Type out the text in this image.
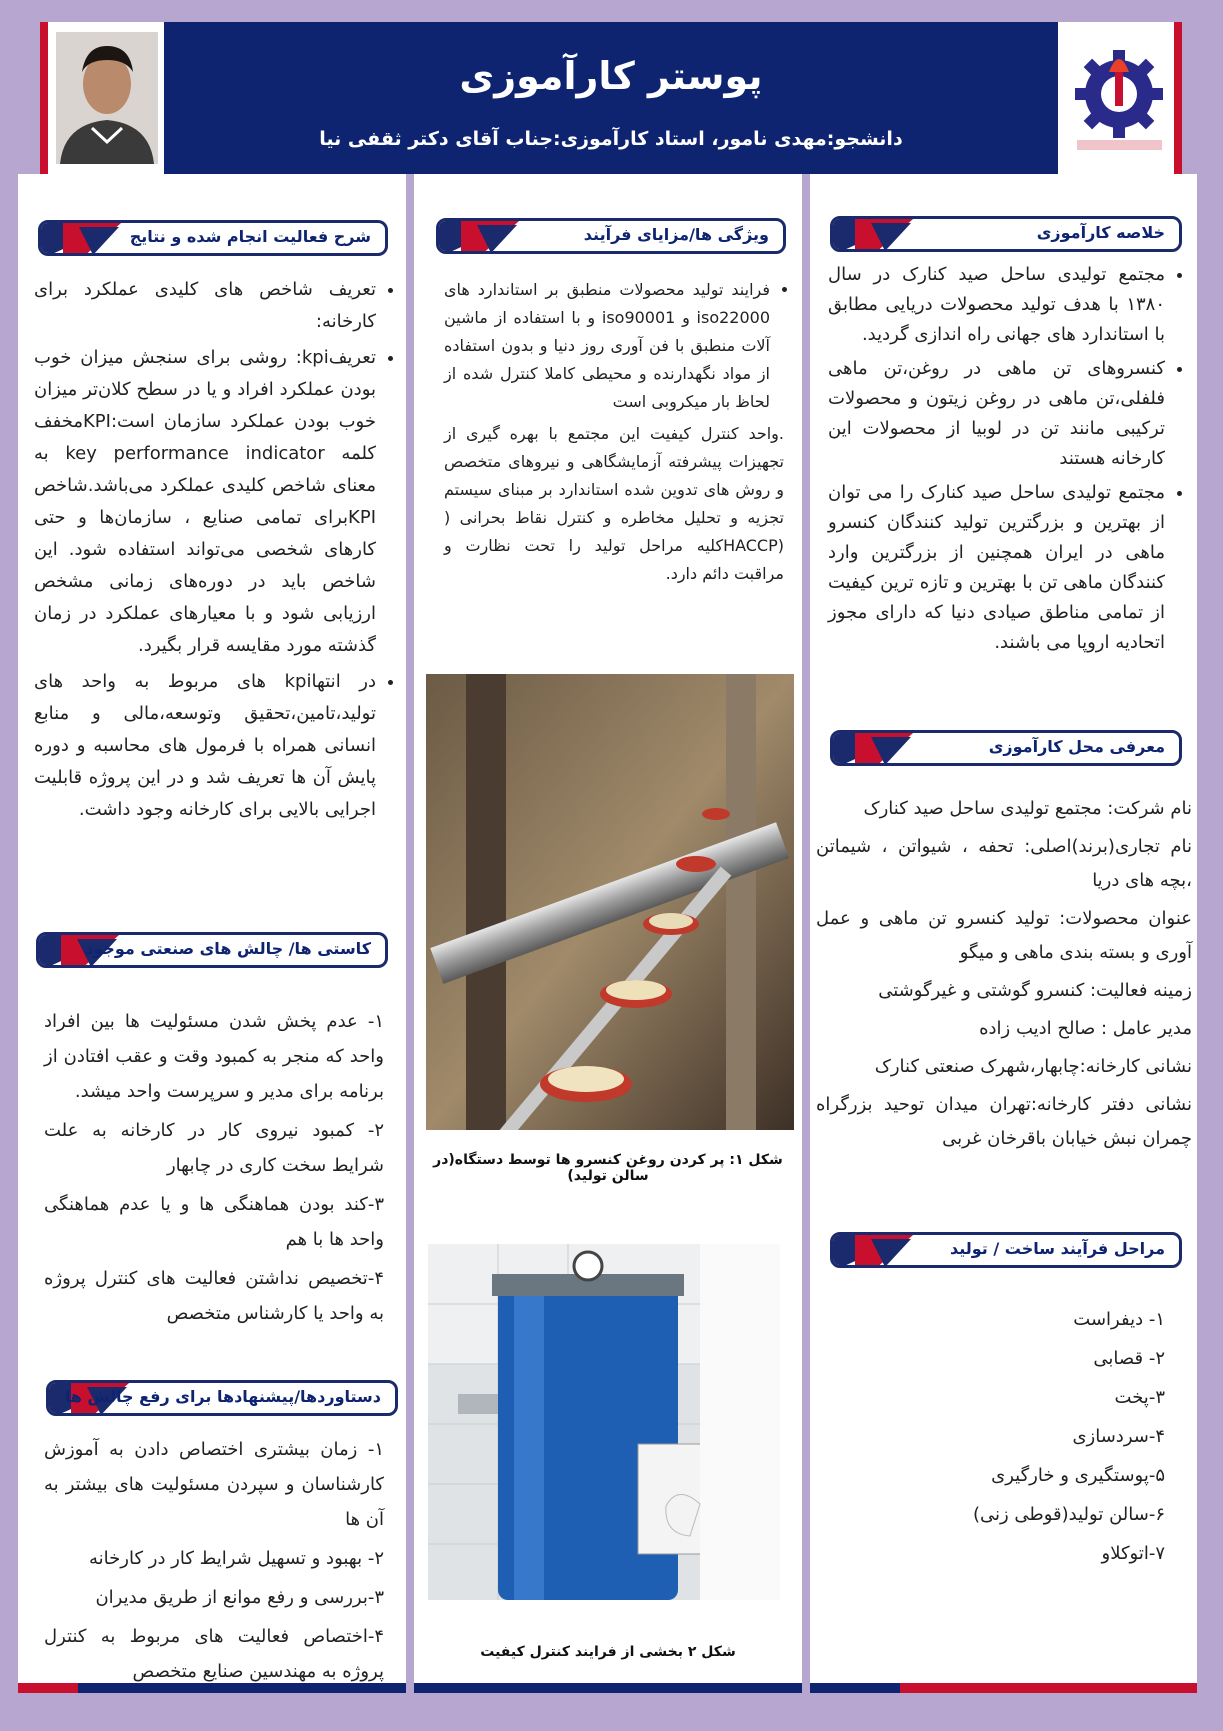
پوستر کارآموزی
دانشجو:مهدی نامور، استاد کارآموزی:جناب آقای دکتر ثقفی نیا
خلاصه کارآموزی
• مجتمع تولیدی ساحل صید کنارک در سال ۱۳۸۰ با هدف تولید محصولات دریایی مطابق با استاندارد های جهانی راه اندازی گردید.
• کنسروهای تن ماهی در روغن،تن ماهی فلفلی،تن ماهی در روغن زیتون و محصولات ترکیبی مانند تن در لوبیا از محصولات این کارخانه هستند
• مجتمع تولیدی ساحل صید کنارک را می توان از بهترین و بزرگترین تولید کنندگان کنسرو ماهی در ایران همچنین از بزرگترین وارد کنندگان ماهی تن با بهترین و تازه ترین کیفیت از تمامی مناطق صیادی دنیا که دارای مجوز اتحادیه اروپا می باشند.
معرفی محل کارآموزی

نام شرکت: مجتمع تولیدی ساحل صید کنارک

نام تجاری(برند)اصلی: تحفه ، شیواتن ، شیماتن ،بچه های دریا

عنوان محصولات: تولید کنسرو تن ماهی و عمل آوری و بسته بندی ماهی و میگو

زمینه فعالیت: کنسرو گوشتی و غیرگوشتی

مدیر عامل : صالح ادیب زاده

نشانی کارخانه:چابهار،شهرک صنعتی کنارک

نشانی دفتر کارخانه:تهران میدان توحید بزرگراه چمران نبش خیابان باقرخان غربی

مراحل فرآیند ساخت / تولید

۱- دیفراست

۲- قصابی

۳-پخت

۴-سردسازی

۵-پوستگیری و خارگیری

۶-سالن تولید(قوطی زنی)

۷-اتوکلاو

ویژگی ها/مزایای فرآیند
• فرایند تولید محصولات منطبق بر استاندارد های iso22000 و iso90001 و با استفاده از ماشین آلات منطبق با فن آوری روز دنیا و بدون استفاده از مواد نگهدارنده و محیطی کاملا کنترل شده از لحاظ بار میکروبی است
.واحد کنترل کیفیت این مجتمع با بهره گیری از تجهیزات پیشرفته آزمایشگاهی و نیروهای متخصص و روش های تدوین شده استاندارد بر مبنای سیستم تجزیه و تحلیل مخاطره و کنترل نقاط بحرانی ( (HACCPکلیه مراحل تولید را تحت نظارت و مراقبت دائم دارد.
شکل ۱: پر کردن روغن کنسرو ها توسط دستگاه(در سالن تولید)
شکل ۲ بخشی از فرایند کنترل کیفیت
شرح فعالیت انجام شده و نتایج
• تعریف شاخص های کلیدی عملکرد برای کارخانه:
• تعریفkpi: روشی برای سنجش میزان خوب بودن عملکرد افراد و یا در سطح کلان‌تر میزان خوب بودن عملکرد سازمان است:KPIمخفف کلمه key performance indicator به معنای شاخص کلیدی عملکرد می‌باشد.شاخص KPIبرای تمامی صنایع ، سازمان‌ها و حتی کارهای شخصی می‌تواند استفاده شود. این شاخص باید در دوره‌های زمانی مشخص ارزیابی شود و با معیارهای عملکرد در زمان گذشته مورد مقایسه قرار بگیرد.
• در انتهاkpi های مربوط به واحد های تولید،تامین،تحقیق وتوسعه،مالی و منابع انسانی همراه با فرمول های محاسبه و دوره پایش آن ها تعریف شد و در این پروژه قابلیت اجرایی بالایی برای کارخانه وجود داشت.
کاستی ها/ چالش های صنعتی موجود

۱- عدم پخش شدن مسئولیت ها بین افراد واحد که منجر به کمبود وقت و عقب افتادن از برنامه برای مدیر و سرپرست واحد میشد.

۲- کمبود نیروی کار در کارخانه به علت شرایط سخت کاری در چابهار

۳-کند بودن هماهنگی ها و یا عدم هماهنگی واحد ها با هم

۴-تخصیص نداشتن فعالیت های کنترل پروژه به واحد یا کارشناس متخصص

دستاوردها/پیشنهادها برای رفع چالش ها

۱- زمان بیشتری اختصاص دادن به آموزش کارشناسان و سپردن مسئولیت های بیشتر به آن ها

۲- بهبود و تسهیل شرایط کار در کارخانه

۳-بررسی و رفع موانع از طریق مدیران

۴-اختصاص فعالیت های مربوط به کنترل پروژه به مهندسین صنایع متخصص
